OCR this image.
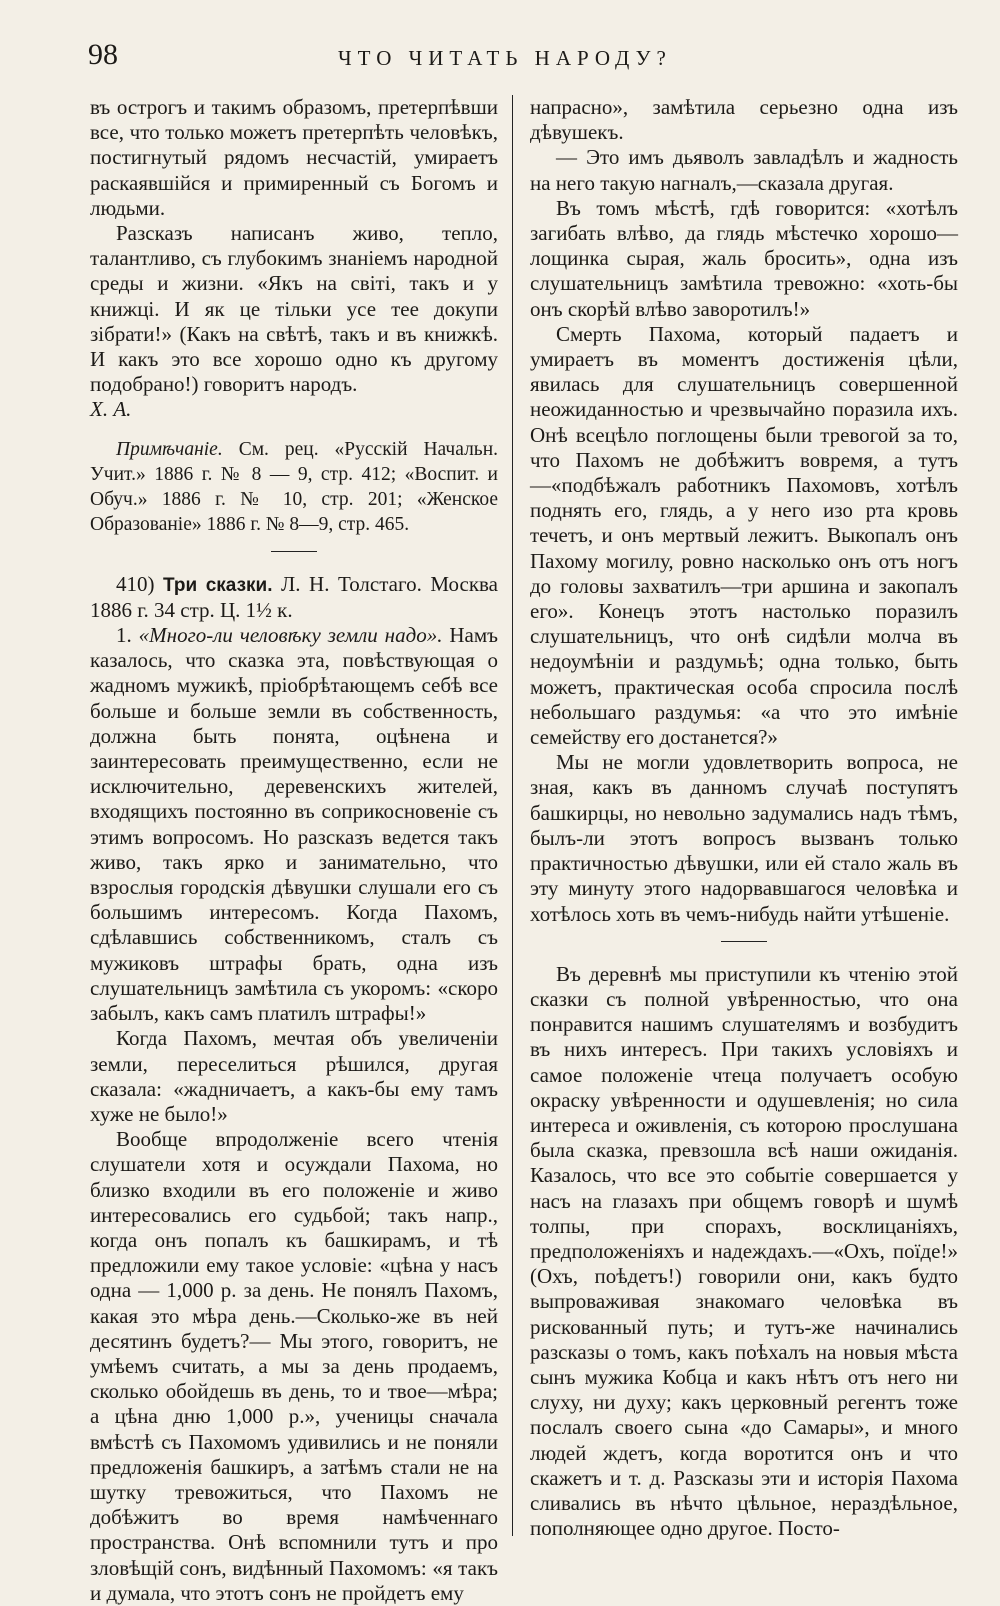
98	ЧТО ЧИТАТЬ НАРОДУ?

въ острогъ и такимъ образомъ, претерпѣвши все, что только можетъ претерпѣть человѣкъ, постигнутый рядомъ несчастій, умираетъ раскаявшійся и примиренный съ Богомъ и людьми.

Разсказъ написанъ живо, тепло, талантливо, съ глубокимъ знаніемъ народной среды и жизни. «Якъ на світі, такъ и у книжці. И як це тільки усе тее докупи зібрати!» (Какъ на свѣтѣ, такъ и въ книжкѣ. И какъ это все хорошо одно къ другому подобрано!) говоритъ народъ.

Х. А.

Примѣчаніе. См. рец. «Русскій Начальн. Учит.» 1886 г. № 8 — 9, стр. 412; «Воспит. и Обуч.» 1886 г. № 10, стр. 201; «Женское Образованіе» 1886 г. № 8—9, стр. 465.

410) Три сказки. Л. Н. Толстаго. Москва 1886 г. 34 стр. Ц. 1½ к.

1. «Много-ли человѣку земли надо». Намъ казалось, что сказка эта, повѣствующая о жадномъ мужикѣ, пріобрѣтающемъ себѣ все больше и больше земли въ собственность, должна быть понята, оцѣнена и заинтересовать преимущественно, если не исключительно, деревенскихъ жителей, входящихъ постоянно въ соприкосновеніе съ этимъ вопросомъ. Но разсказъ ведется такъ живо, такъ ярко и занимательно, что взрослыя городскія дѣвушки слушали его съ большимъ интересомъ. Когда Пахомъ, сдѣлавшись собственникомъ, сталъ съ мужиковъ штрафы брать, одна изъ слушательницъ замѣтила съ укоромъ: «скоро забылъ, какъ самъ платилъ штрафы!»

Когда Пахомъ, мечтая объ увеличеніи земли, переселиться рѣшился, другая сказала: «жадничаетъ, а какъ-бы ему тамъ хуже не было!»

Вообще впродолженіе всего чтенія слушатели хотя и осуждали Пахома, но близко входили въ его положеніе и живо интересовались его судьбой; такъ напр., когда онъ попалъ къ башкирамъ, и тѣ предложили ему такое условіе: «цѣна у насъ одна — 1,000 р. за день. Не понялъ Пахомъ, какая это мѣра день.—Сколько-же въ ней десятинъ будетъ?— Мы этого, говоритъ, не умѣемъ считать, а мы за день продаемъ, сколько обойдешь въ день, то и твое—мѣра; а цѣна дню 1,000 р.», ученицы сначала вмѣстѣ съ Пахомомъ удивились и не поняли предложенія башкиръ, а затѣмъ стали не на шутку тревожиться, что Пахомъ не добѣжитъ во время намѣченнаго пространства. Онѣ вспомнили тутъ и про зловѣщій сонъ, видѣнный Пахомомъ: «я такъ и думала, что этотъ сонъ не пройдетъ ему

напрасно», замѣтила серьезно одна изъ дѣвушекъ.

— Это имъ дьяволъ завладѣлъ и жадность на него такую нагналъ,—сказала другая.

Въ томъ мѣстѣ, гдѣ говорится: «хотѣлъ загибать влѣво, да глядь мѣстечко хорошо— лощинка сырая, жаль бросить», одна изъ слушательницъ замѣтила тревожно: «хоть-бы онъ скорѣй влѣво заворотилъ!»

Смерть Пахома, который падаетъ и умираетъ въ моментъ достиженія цѣли, явилась для слушательницъ совершенной неожиданностью и чрезвычайно поразила ихъ. Онѣ всецѣло поглощены были тревогой за то, что Пахомъ не добѣжитъ вовремя, а тутъ—«подбѣжалъ работникъ Пахомовъ, хотѣлъ поднять его, глядь, а у него изо рта кровь течетъ, и онъ мертвый лежитъ. Выкопалъ онъ Пахому могилу, ровно насколько онъ отъ ногъ до головы захватилъ—три аршина и закопалъ его». Конецъ этотъ настолько поразилъ слушательницъ, что онѣ сидѣли молча въ недоумѣніи и раздумьѣ; одна только, быть можетъ, практическая особа спросила послѣ небольшаго раздумья: «а что это имѣніе семейству его достанется?»

Мы не могли удовлетворить вопроса, не зная, какъ въ данномъ случаѣ поступятъ башкирцы, но невольно задумались надъ тѣмъ, былъ-ли этотъ вопросъ вызванъ только практичностью дѣвушки, или ей стало жаль въ эту минуту этого надорвавшагося человѣка и хотѣлось хоть въ чемъ-нибудь найти утѣшеніе.

Въ деревнѣ мы приступили къ чтенію этой сказки съ полной увѣренностью, что она понравится нашимъ слушателямъ и возбудитъ въ нихъ интересъ. При такихъ условіяхъ и самое положеніе чтеца получаетъ особую окраску увѣренности и одушевленія; но сила интереса и оживленія, съ которою прослушана была сказка, превзошла всѣ наши ожиданія. Казалось, что все это событіе совершается у насъ на глазахъ при общемъ говорѣ и шумѣ толпы, при спорахъ, восклицаніяхъ, предположеніяхъ и надеждахъ.—«Охъ, поїде!» (Охъ, поѣдетъ!) говорили они, какъ будто выпроваживая знакомаго человѣка въ рискованный путь; и тутъ-же начинались разсказы о томъ, какъ поѣхалъ на новыя мѣста сынъ мужика Кобца и какъ нѣтъ отъ него ни слуху, ни духу; какъ церковный регентъ тоже послалъ своего сына «до Самары», и много людей ждетъ, когда воротится онъ и что скажетъ и т. д. Разсказы эти и исторія Пахома сливались въ нѣчто цѣльное, нераздѣльное, пополняющее одно другое. Посто-
